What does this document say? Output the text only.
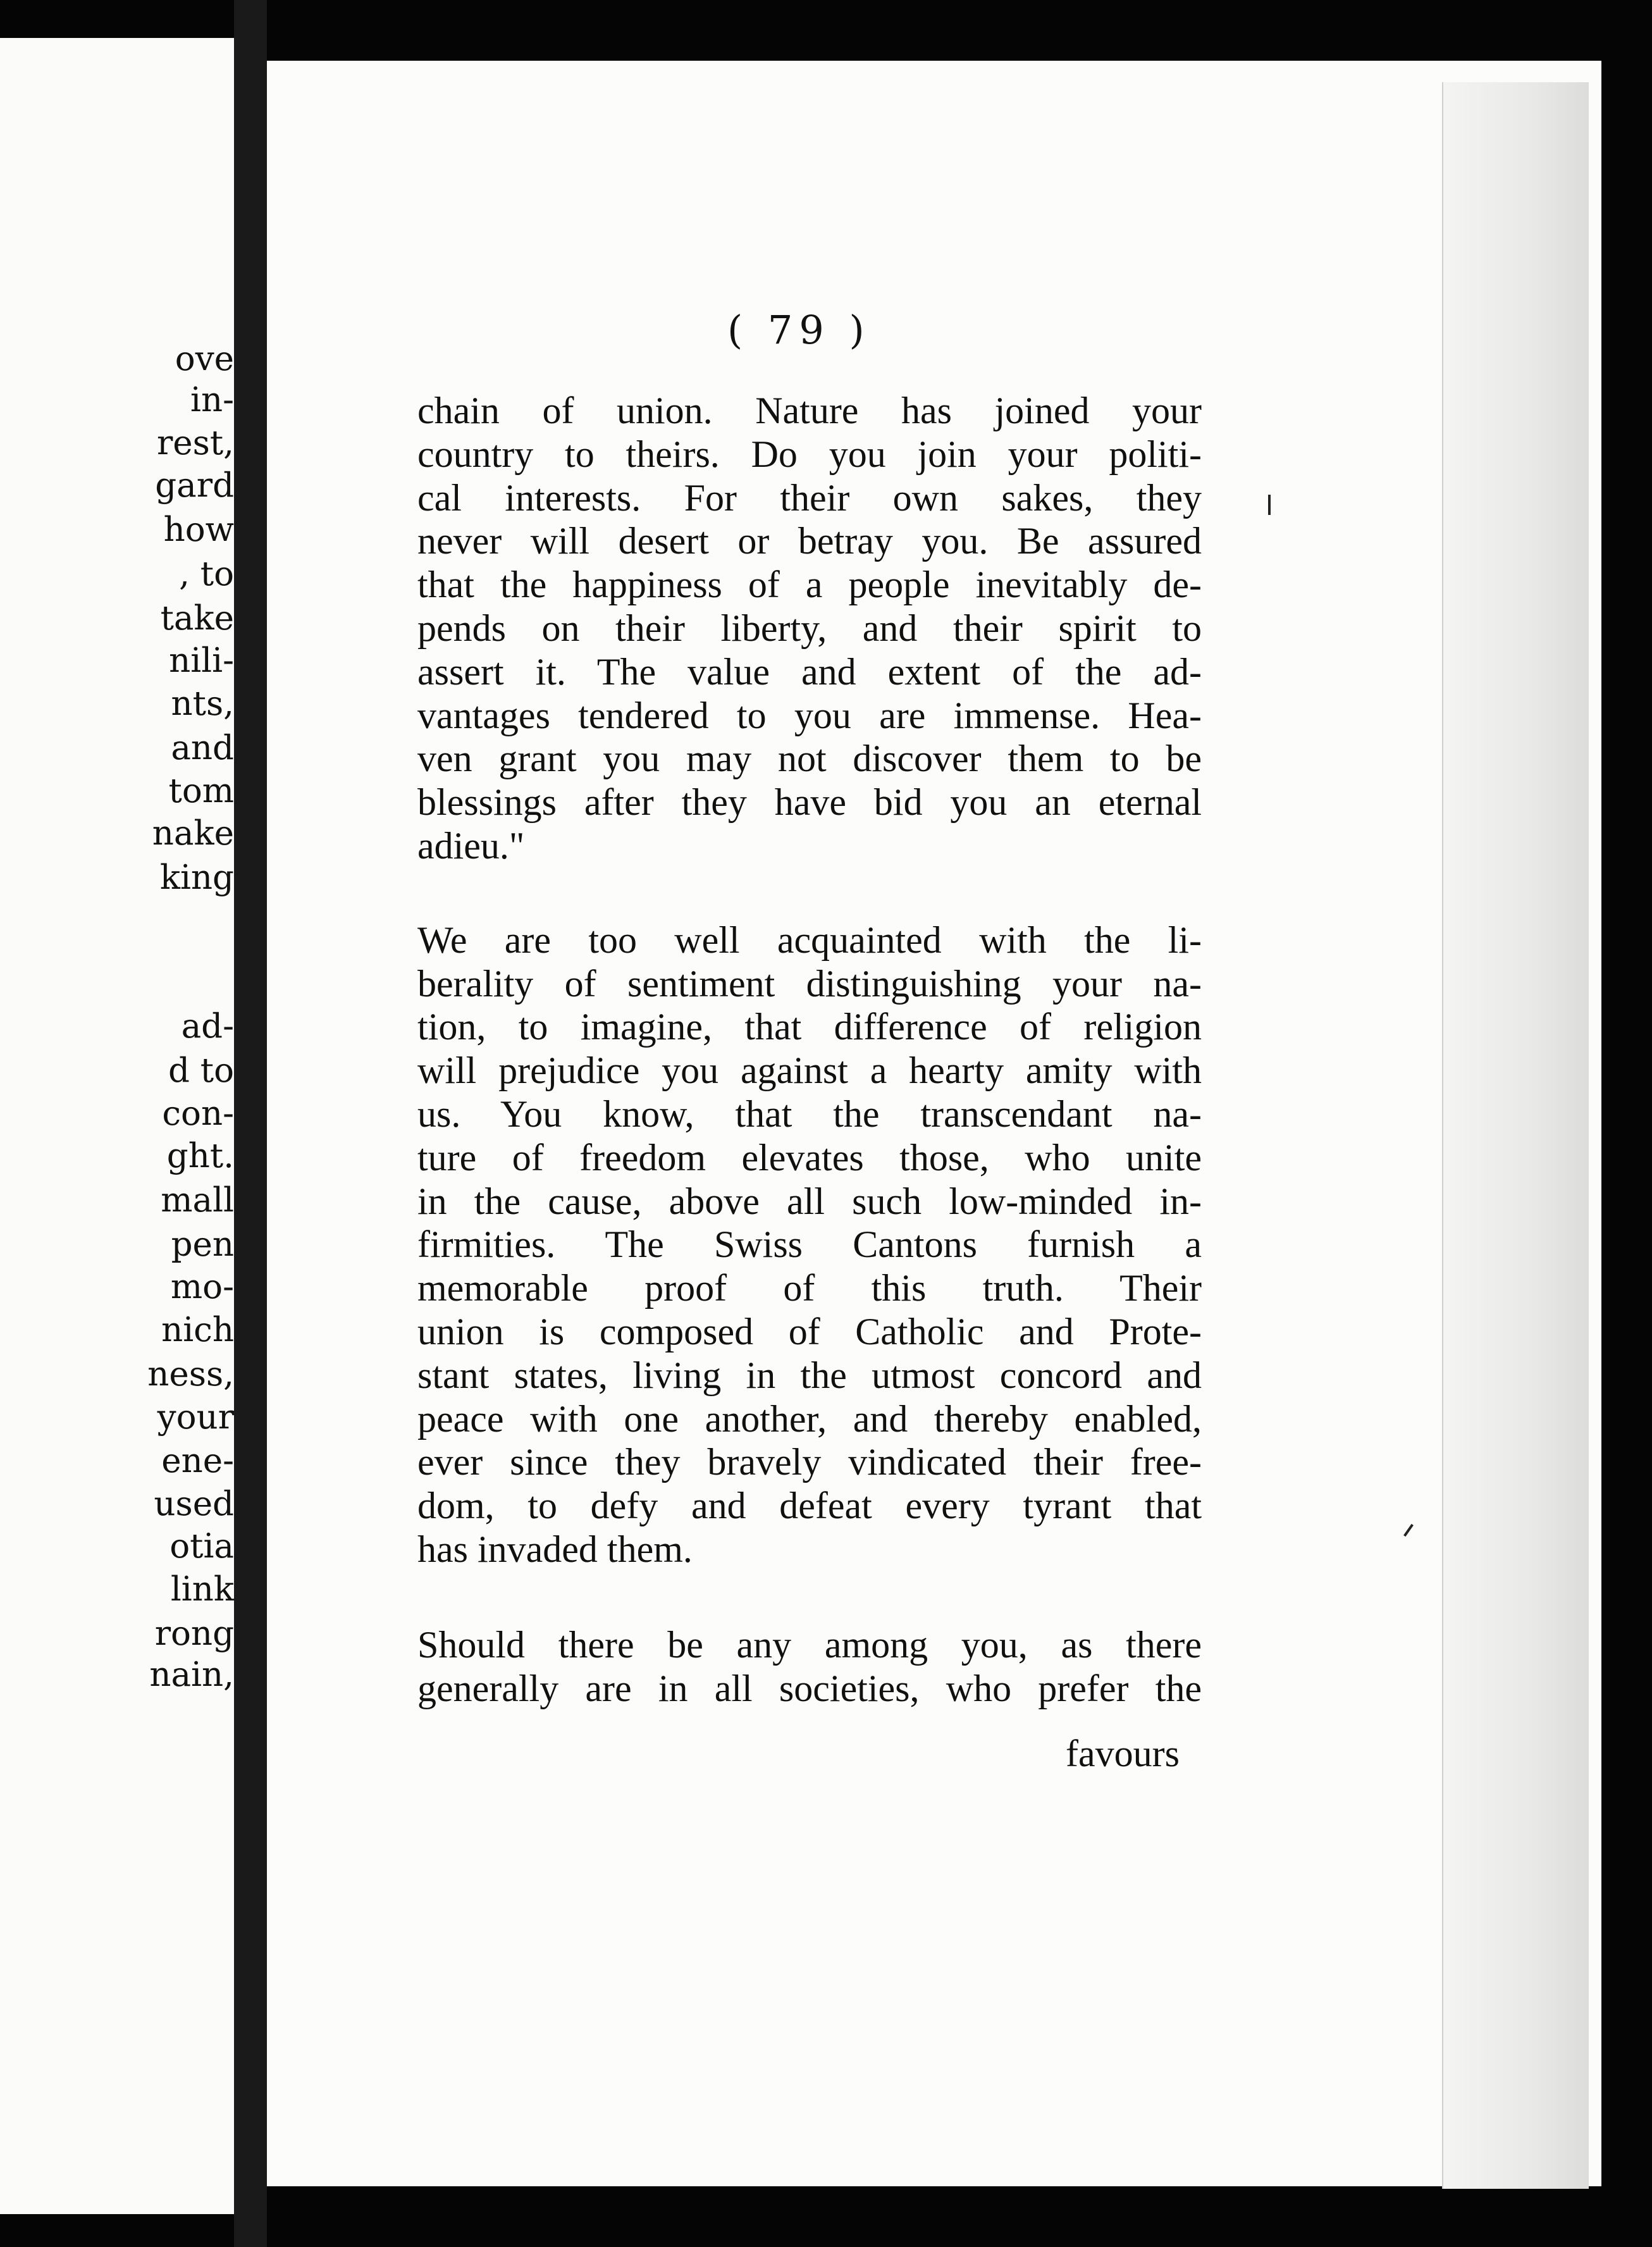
ove
in-
rest,
gard
how
, to
take
nili-
nts,
and
tom
nake
king
ad-
d to
con-
ght.
mall
pen
mo-
nich
ness,
your
ene-
used
otia
link
rong
nain,
( 79 )

chain of union. Nature has joined your
country to theirs. Do you join your politi-
cal interests. For their own sakes, they
never will desert or betray you. Be assured
that the happiness of a people inevitably de-
pends on their liberty, and their spirit to
assert it. The value and extent of the ad-
vantages tendered to you are immense. Hea-
ven grant you may not discover them to be
blessings after they have bid you an eternal
adieu."

We are too well acquainted with the li-
berality of sentiment distinguishing your na-
tion, to imagine, that difference of religion
will prejudice you against a hearty amity with
us. You know, that the transcendant na-
ture of freedom elevates those, who unite
in the cause, above all such low-minded in-
firmities. The Swiss Cantons furnish a
memorable proof of this truth. Their
union is composed of Catholic and Prote-
stant states, living in the utmost concord and
peace with one another, and thereby enabled,
ever since they bravely vindicated their free-
dom, to defy and defeat every tyrant that
has invaded them.

Should there be any among you, as there
generally are in all societies, who prefer the

favours
